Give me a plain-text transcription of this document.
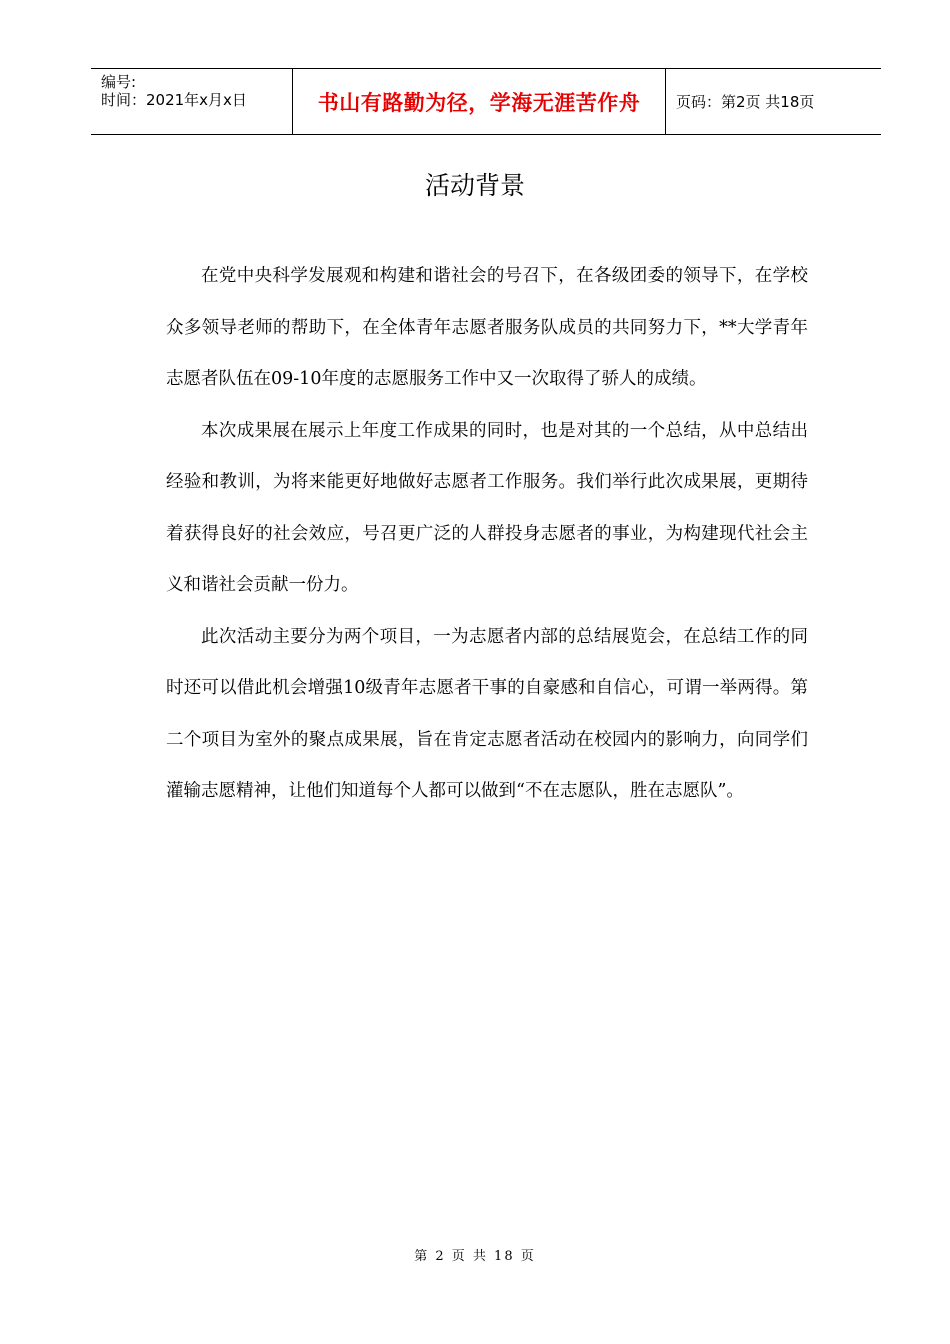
编号:
时间：2021年x月x日	书山有路勤为径，学海无涯苦作舟 页码：第2页 共18页
活动背景

在党中央科学发展观和构建和谐社会的号召下，在各级团委的领导下，在学校众多领导老师的帮助下，在全体青年志愿者服务队成员的共同努力下，**大学青年志愿者队伍在09-10年度的志愿服务工作中又一次取得了骄人的成绩。

本次成果展在展示上年度工作成果的同时，也是对其的一个总结，从中总结出经验和教训，为将来能更好地做好志愿者工作服务。我们举行此次成果展，更期待着获得良好的社会效应，号召更广泛的人群投身志愿者的事业，为构建现代社会主义和谐社会贡献一份力。

此次活动主要分为两个项目，一为志愿者内部的总结展览会，在总结工作的同时还可以借此机会增强10级青年志愿者干事的自豪感和自信心，可谓一举两得。第二个项目为室外的聚点成果展，旨在肯定志愿者活动在校园内的影响力，向同学们灌输志愿精神，让他们知道每个人都可以做到“不在志愿队，胜在志愿队”。

第 2 页 共 18 页
